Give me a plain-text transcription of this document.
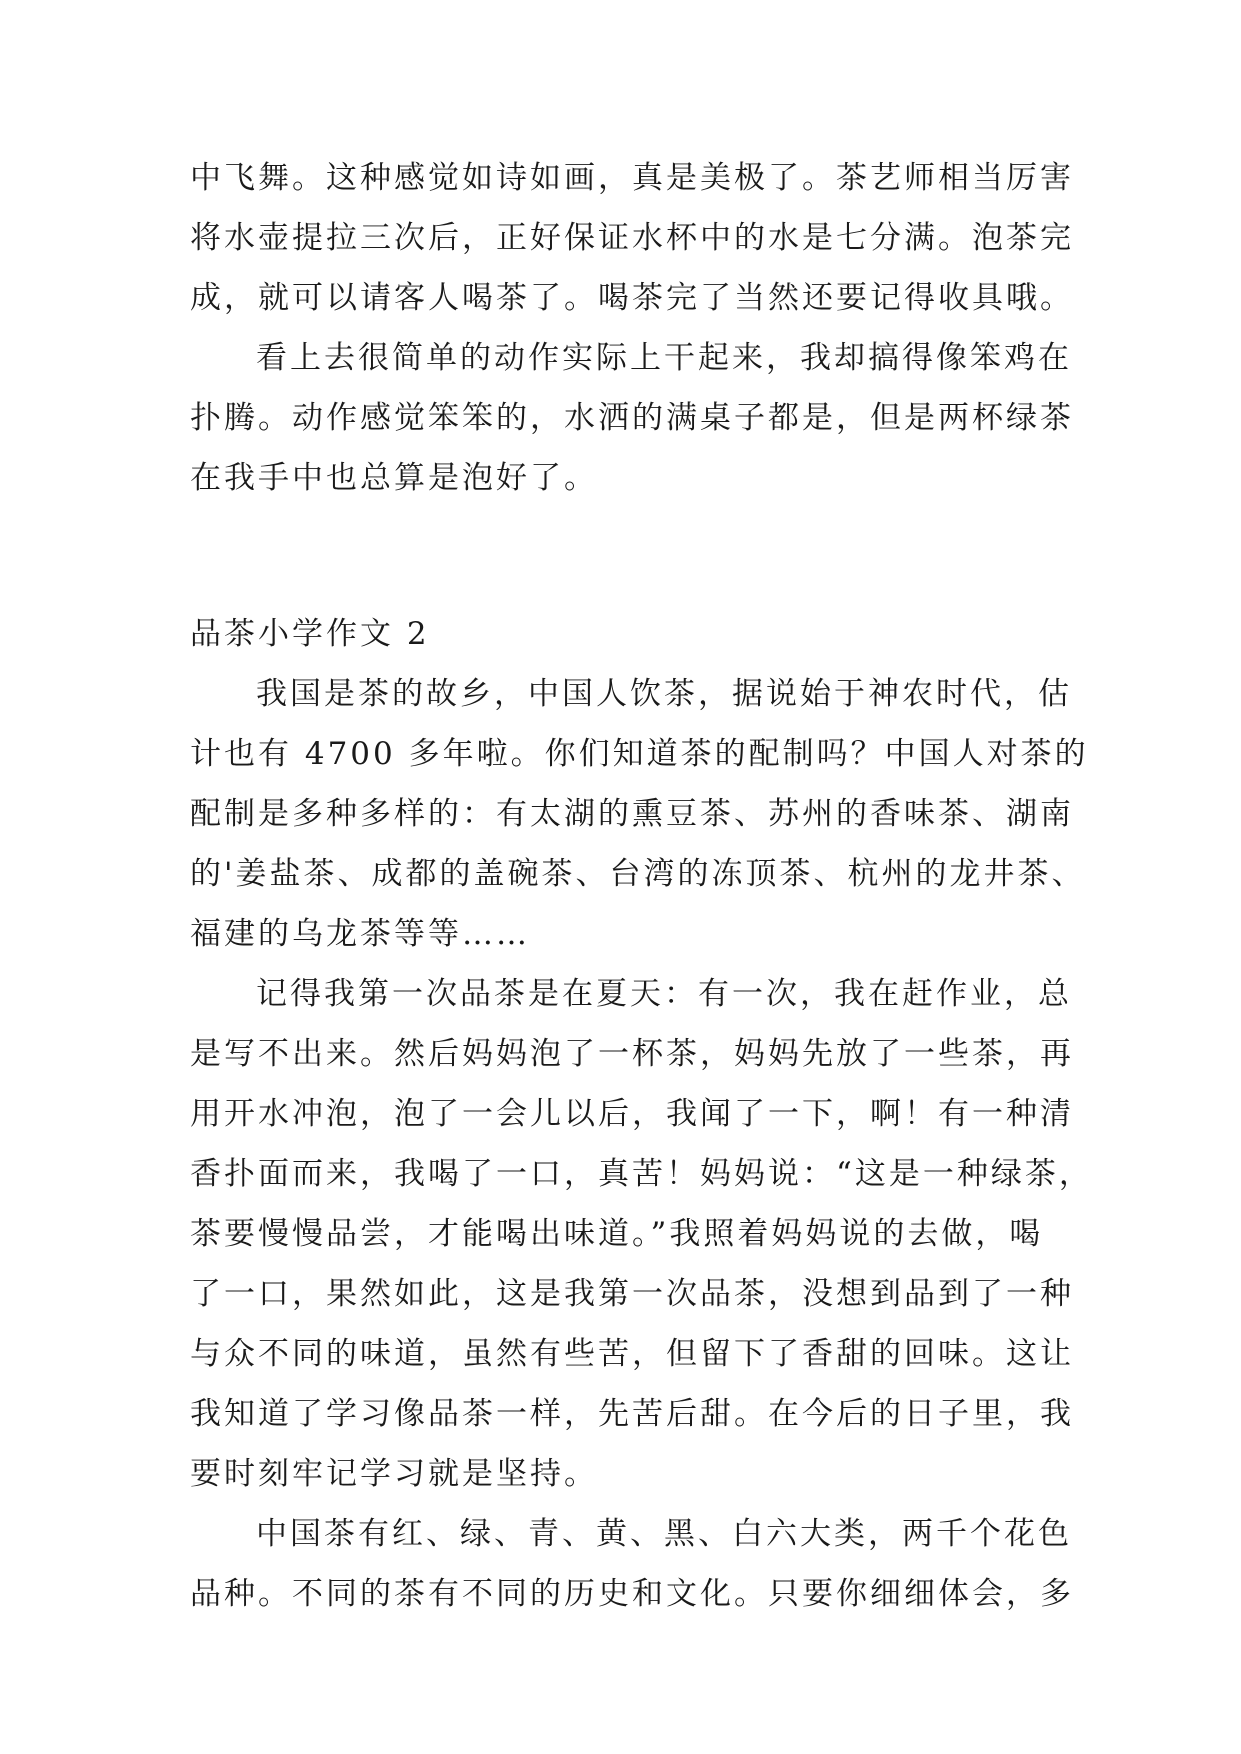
中飞舞。这种感觉如诗如画，真是美极了。茶艺师相当厉害
将水壶提拉三次后，正好保证水杯中的水是七分满。泡茶完
成，就可以请客人喝茶了。喝茶完了当然还要记得收具哦。
看上去很简单的动作实际上干起来，我却搞得像笨鸡在
扑腾。动作感觉笨笨的，水洒的满桌子都是，但是两杯绿茶
在我手中也总算是泡好了。
品茶小学作文 2
我国是茶的故乡，中国人饮茶，据说始于神农时代，估
计也有 4700 多年啦。你们知道茶的配制吗？中国人对茶的
配制是多种多样的：有太湖的熏豆茶、苏州的香味茶、湖南
的'姜盐茶、成都的盖碗茶、台湾的冻顶茶、杭州的龙井茶、
福建的乌龙茶等等……
记得我第一次品茶是在夏天：有一次，我在赶作业，总
是写不出来。然后妈妈泡了一杯茶，妈妈先放了一些茶，再
用开水冲泡，泡了一会儿以后，我闻了一下，啊！有一种清
香扑面而来，我喝了一口，真苦！妈妈说：“这是一种绿茶，
茶要慢慢品尝，才能喝出味道。”我照着妈妈说的去做，喝
了一口，果然如此，这是我第一次品茶，没想到品到了一种
与众不同的味道，虽然有些苦，但留下了香甜的回味。这让
我知道了学习像品茶一样，先苦后甜。在今后的日子里，我
要时刻牢记学习就是坚持。
中国茶有红、绿、青、黄、黑、白六大类，两千个花色
品种。不同的茶有不同的历史和文化。只要你细细体会，多
